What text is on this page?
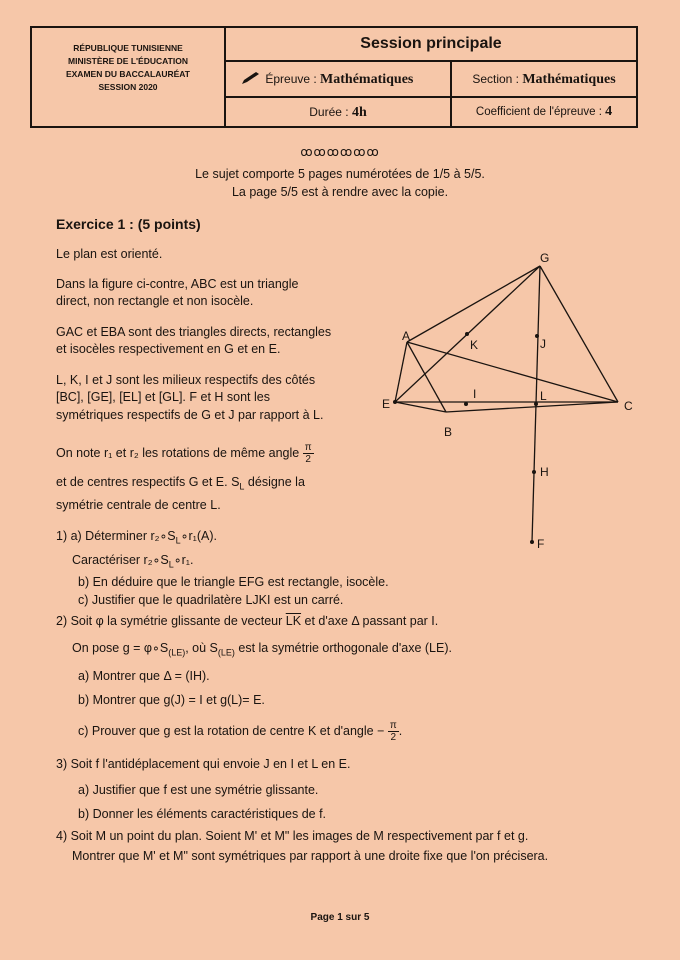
RÉPUBLIQUE TUNISIENNE
MINISTÈRE DE L'ÉDUCATION
EXAMEN DU BACCALAURÉAT
SESSION 2020
Session principale
Épreuve : Mathématiques	Section : Mathématiques
Durée : 4h	Coefficient de l'épreuve : 4
ꝏꝏꝏꝏꝏꝏ
Le sujet comporte 5 pages numérotées de 1/5 à 5/5.
La page 5/5 est à rendre avec la copie.
Exercice 1 : (5 points)
Le plan est orienté.
Dans la figure ci-contre, ABC est un triangle
direct, non rectangle et non isocèle.
GAC et EBA sont des triangles directs, rectangles
et isocèles respectivement en G et en E.
L, K, I et J sont les milieux respectifs des côtés
[BC], [GE], [EL] et [GL]. F et H sont les
symétriques respectifs de G et J par rapport à L.
On note r₁ et r₂ les rotations de même angle $\frac{\pi}{2}$
et de centres respectifs G et E. $S_L$ désigne la
symétrie centrale de centre L.
G
A
K	J
E
I	L
C
B
H
F
1) a) Déterminer $r_2\circ S_L\circ r_1(A)$.
Caractériser $r_2\circ S_L\circ r_1$.
b) En déduire que le triangle EFG est rectangle, isocèle.
c) Justifier que le quadrilatère LJKI est un carré.
2) Soit φ la symétrie glissante de vecteur $\overline{LK}$ et d'axe Δ passant par I.
On pose $g = \varphi\circ S_{(LE)}$, où $S_{(LE)}$ est la symétrie orthogonale d'axe (LE).
a) Montrer que Δ = (IH).
b) Montrer que g(J) = I et g(L)= E.
c) Prouver que g est la rotation de centre K et d'angle − $\frac{\pi}{2}$ .
3) Soit f l'antidéplacement qui envoie J en I et L en E.
a) Justifier que f est une symétrie glissante.
b) Donner les éléments caractéristiques de f.
4) Soit M un point du plan. Soient M' et M" les images de M respectivement par f et g.
Montrer que M' et M" sont symétriques par rapport à une droite fixe que l'on précisera.
Page 1 sur 5
